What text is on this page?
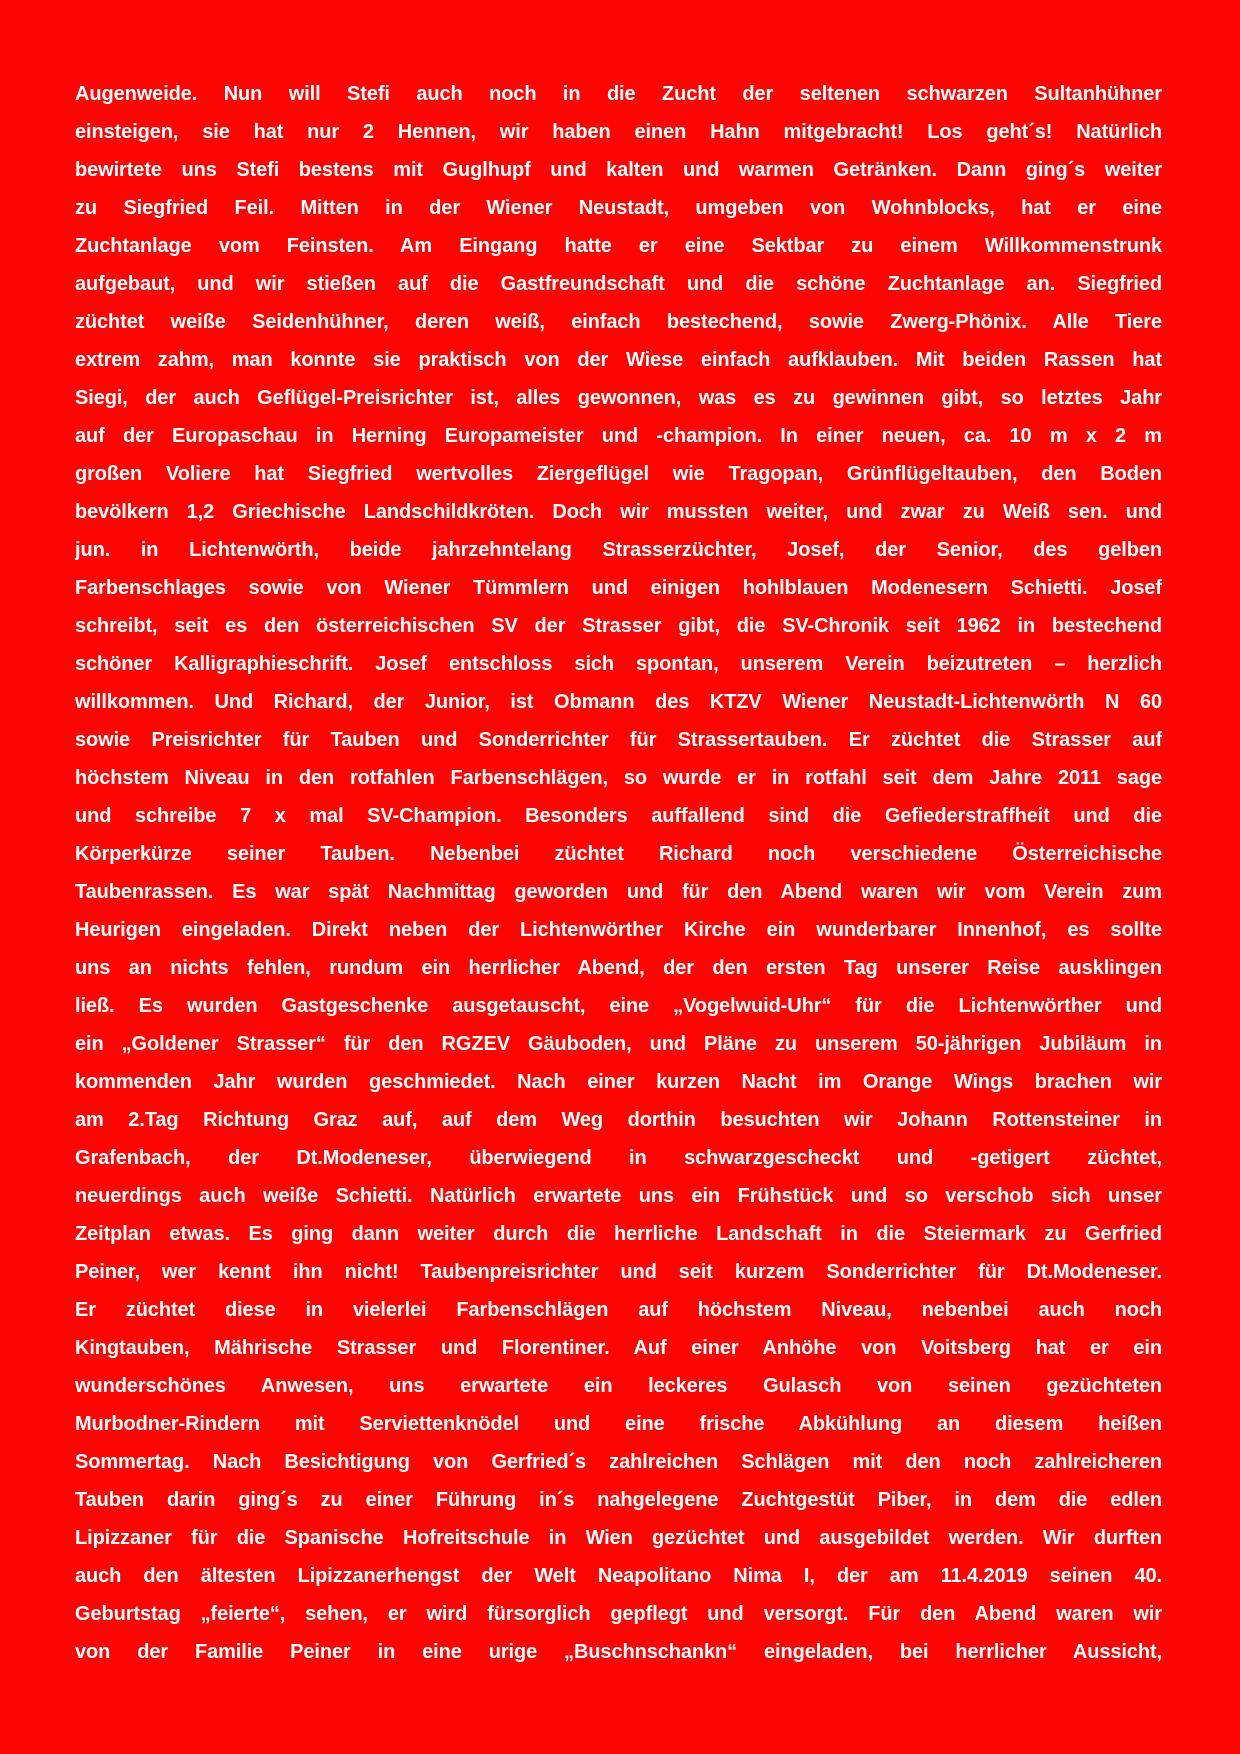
Augenweide. Nun will Stefi auch noch in die Zucht der seltenen schwarzen Sultanhühner
einsteigen, sie hat nur 2 Hennen, wir haben einen Hahn mitgebracht! Los geht´s! Natürlich
bewirtete uns Stefi bestens mit Guglhupf und kalten und warmen Getränken. Dann ging´s weiter
zu Siegfried Feil. Mitten in der Wiener Neustadt, umgeben von Wohnblocks, hat er eine
Zuchtanlage vom Feinsten. Am Eingang hatte er eine Sektbar zu einem Willkommenstrunk
aufgebaut, und wir stießen auf die Gastfreundschaft und die schöne Zuchtanlage an. Siegfried
züchtet weiße Seidenhühner, deren weiß, einfach bestechend, sowie Zwerg-Phönix. Alle Tiere
extrem zahm, man konnte sie praktisch von der Wiese einfach aufklauben. Mit beiden Rassen hat
Siegi, der auch Geflügel-Preisrichter ist, alles gewonnen, was es zu gewinnen gibt, so letztes Jahr
auf der Europaschau in Herning Europameister und -champion. In einer neuen, ca. 10 m x 2 m
großen Voliere hat Siegfried wertvolles Ziergeflügel wie Tragopan, Grünflügeltauben, den Boden
bevölkern 1,2 Griechische Landschildkröten. Doch wir mussten weiter, und zwar zu Weiß sen. und
jun. in Lichtenwörth, beide jahrzehntelang Strasserzüchter, Josef, der Senior, des gelben
Farbenschlages sowie von Wiener Tümmlern und einigen hohlblauen Modenesern Schietti. Josef
schreibt, seit es den österreichischen SV der Strasser gibt, die SV-Chronik seit 1962 in bestechend
schöner Kalligraphieschrift. Josef entschloss sich spontan, unserem Verein beizutreten – herzlich
willkommen. Und Richard, der Junior, ist Obmann des KTZV Wiener Neustadt-Lichtenwörth N 60
sowie Preisrichter für Tauben und Sonderrichter für Strassertauben. Er züchtet die Strasser auf
höchstem Niveau in den rotfahlen Farbenschlägen, so wurde er in rotfahl seit dem Jahre 2011 sage
und schreibe 7 x mal SV-Champion. Besonders auffallend sind die Gefiederstraffheit und die
Körperkürze seiner Tauben. Nebenbei züchtet Richard noch verschiedene Österreichische
Taubenrassen. Es war spät Nachmittag geworden und für den Abend waren wir vom Verein zum
Heurigen eingeladen. Direkt neben der Lichtenwörther Kirche ein wunderbarer Innenhof, es sollte
uns an nichts fehlen, rundum ein herrlicher Abend, der den ersten Tag unserer Reise ausklingen
ließ. Es wurden Gastgeschenke ausgetauscht, eine „Vogelwuid-Uhr“ für die Lichtenwörther und
ein „Goldener Strasser“ für den RGZEV Gäuboden, und Pläne zu unserem 50-jährigen Jubiläum in
kommenden Jahr wurden geschmiedet. Nach einer kurzen Nacht im Orange Wings brachen wir
am 2.Tag Richtung Graz auf, auf dem Weg dorthin besuchten wir Johann Rottensteiner in
Grafenbach, der Dt.Modeneser, überwiegend in schwarzgescheckt und -getigert züchtet,
neuerdings auch weiße Schietti. Natürlich erwartete uns ein Frühstück und so verschob sich unser
Zeitplan etwas. Es ging dann weiter durch die herrliche Landschaft in die Steiermark zu Gerfried
Peiner, wer kennt ihn nicht! Taubenpreisrichter und seit kurzem Sonderrichter für Dt.Modeneser.
Er züchtet diese in vielerlei Farbenschlägen auf höchstem Niveau, nebenbei auch noch
Kingtauben, Mährische Strasser und Florentiner. Auf einer Anhöhe von Voitsberg hat er ein
wunderschönes Anwesen, uns erwartete ein leckeres Gulasch von seinen gezüchteten
Murbodner-Rindern mit Serviettenknödel und eine frische Abkühlung an diesem heißen
Sommertag. Nach Besichtigung von Gerfried´s zahlreichen Schlägen mit den noch zahlreicheren
Tauben darin ging´s zu einer Führung in´s nahgelegene Zuchtgestüt Piber, in dem die edlen
Lipizzaner für die Spanische Hofreitschule in Wien gezüchtet und ausgebildet werden. Wir durften
auch den ältesten Lipizzanerhengst der Welt Neapolitano Nima I, der am 11.4.2019 seinen 40.
Geburtstag „feierte“, sehen, er wird fürsorglich gepflegt und versorgt. Für den Abend waren wir
von der Familie Peiner in eine urige „Buschnschankn“ eingeladen, bei herrlicher Aussicht,
